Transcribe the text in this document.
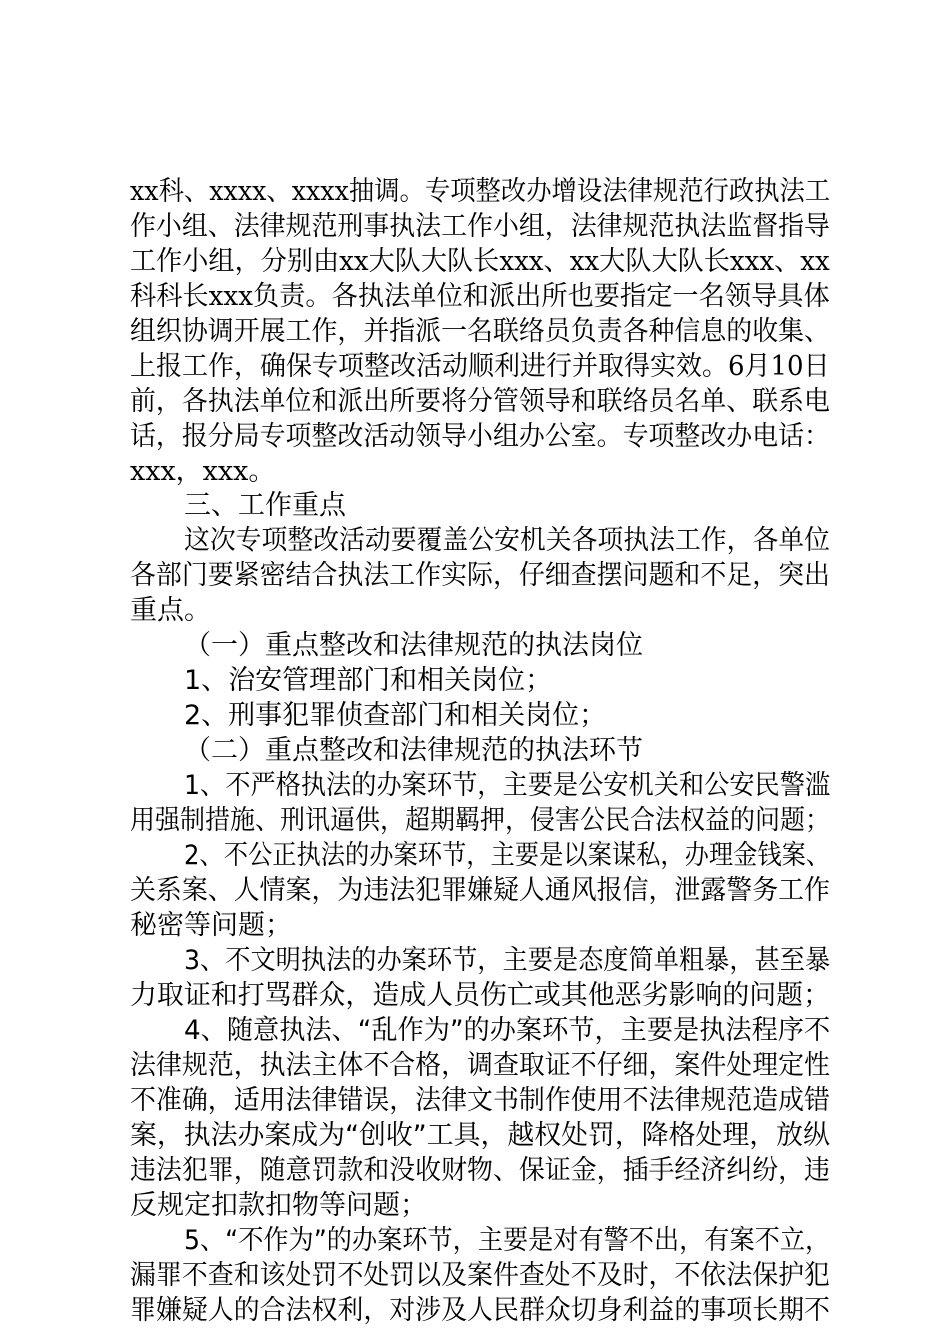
xx科、xxxx、xxxx抽调。专项整改办增设法律规范行政执法工
作小组、法律规范刑事执法工作小组，法律规范执法监督指导
工作小组，分别由xx大队大队长xxx、xx大队大队长xxx、xx
科科长xxx负责。各执法单位和派出所也要指定一名领导具体
组织协调开展工作，并指派一名联络员负责各种信息的收集、
上报工作，确保专项整改活动顺利进行并取得实效。6月10日
前，各执法单位和派出所要将分管领导和联络员名单、联系电
话，报分局专项整改活动领导小组办公室。专项整改办电话：
xxx，xxx。
三、工作重点
这次专项整改活动要覆盖公安机关各项执法工作，各单位
各部门要紧密结合执法工作实际，仔细查摆问题和不足，突出
重点。
（一）重点整改和法律规范的执法岗位
1、治安管理部门和相关岗位；
2、刑事犯罪侦查部门和相关岗位；
（二）重点整改和法律规范的执法环节
1、不严格执法的办案环节，主要是公安机关和公安民警滥
用强制措施、刑讯逼供，超期羁押，侵害公民合法权益的问题；
2、不公正执法的办案环节，主要是以案谋私，办理金钱案、
关系案、人情案，为违法犯罪嫌疑人通风报信，泄露警务工作
秘密等问题；
3、不文明执法的办案环节，主要是态度简单粗暴，甚至暴
力取证和打骂群众，造成人员伤亡或其他恶劣影响的问题；
4、随意执法、“乱作为”的办案环节，主要是执法程序不
法律规范，执法主体不合格，调查取证不仔细，案件处理定性
不准确，适用法律错误，法律文书制作使用不法律规范造成错
案，执法办案成为“创收”工具，越权处罚，降格处理，放纵
违法犯罪，随意罚款和没收财物、保证金，插手经济纠纷，违
反规定扣款扣物等问题；
5、“不作为”的办案环节，主要是对有警不出，有案不立，
漏罪不查和该处罚不处罚以及案件查处不及时，不依法保护犯
罪嫌疑人的合法权利，对涉及人民群众切身利益的事项长期不
